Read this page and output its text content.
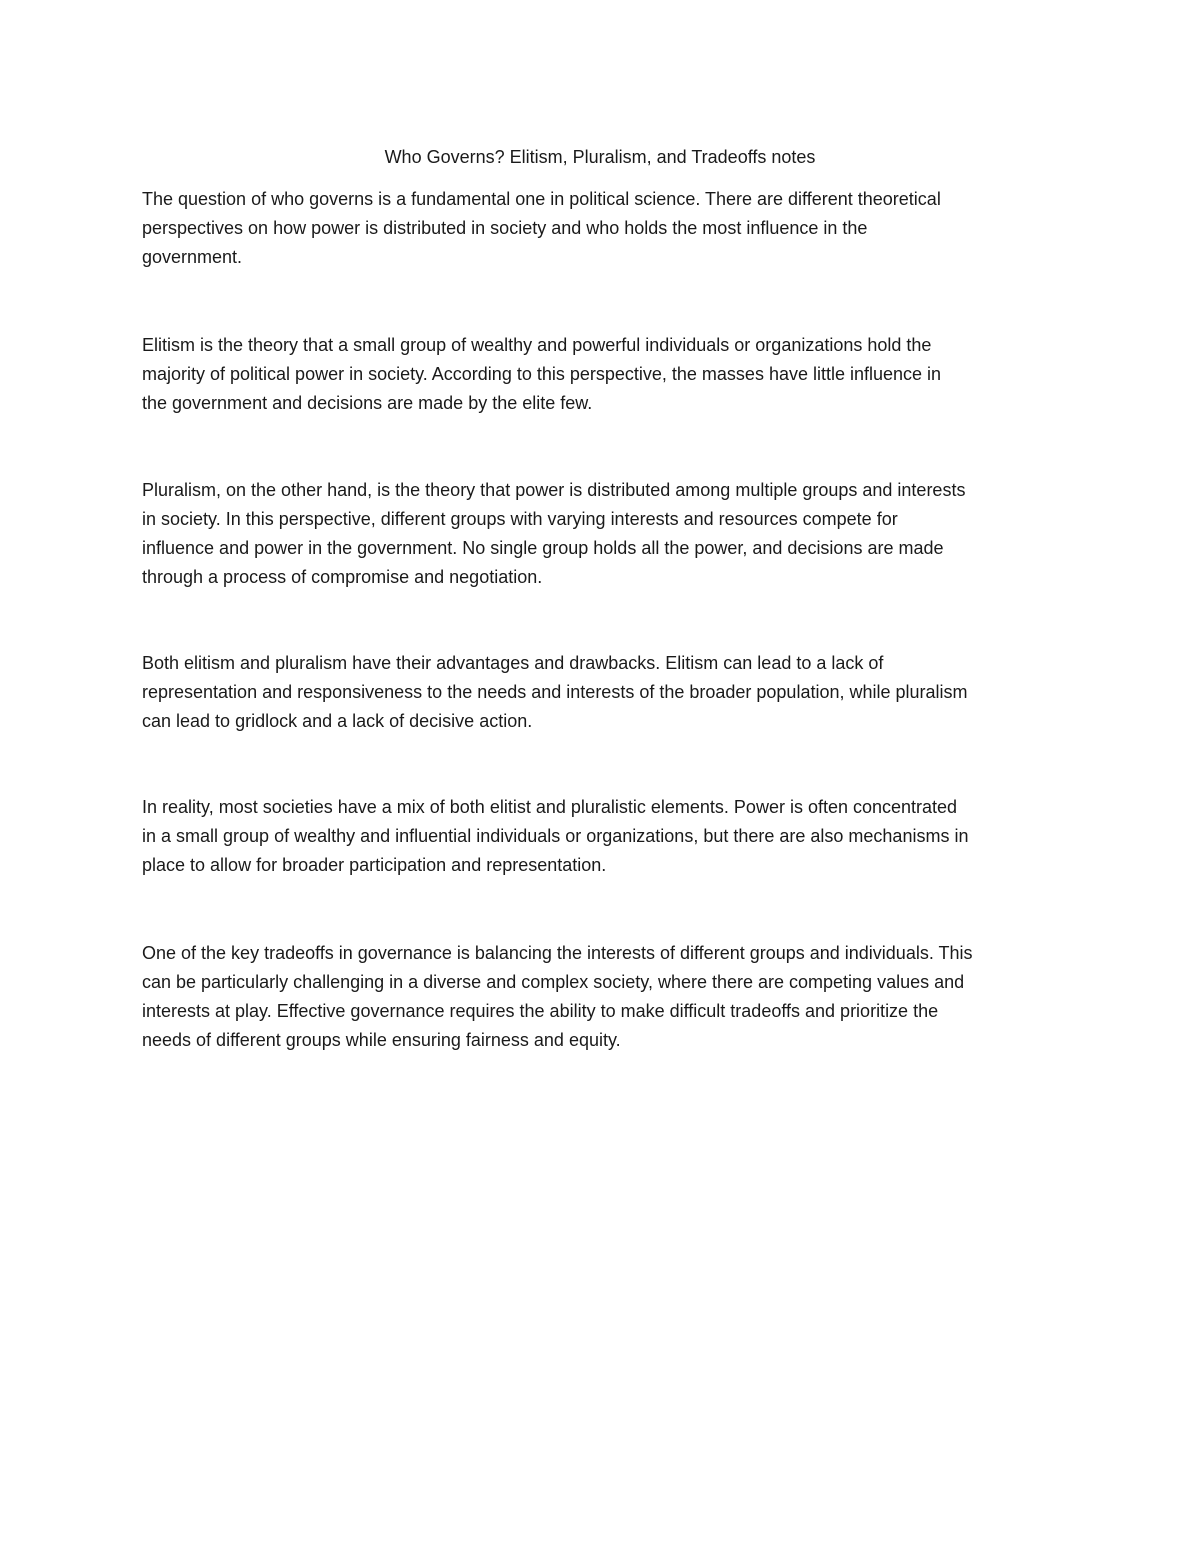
Who Governs? Elitism, Pluralism, and Tradeoffs notes

The question of who governs is a fundamental one in political science. There are different theoretical
perspectives on how power is distributed in society and who holds the most influence in the
government.

Elitism is the theory that a small group of wealthy and powerful individuals or organizations hold the
majority of political power in society. According to this perspective, the masses have little influence in
the government and decisions are made by the elite few.

Pluralism, on the other hand, is the theory that power is distributed among multiple groups and interests
in society. In this perspective, different groups with varying interests and resources compete for
influence and power in the government. No single group holds all the power, and decisions are made
through a process of compromise and negotiation.

Both elitism and pluralism have their advantages and drawbacks. Elitism can lead to a lack of
representation and responsiveness to the needs and interests of the broader population, while pluralism
can lead to gridlock and a lack of decisive action.

In reality, most societies have a mix of both elitist and pluralistic elements. Power is often concentrated
in a small group of wealthy and influential individuals or organizations, but there are also mechanisms in
place to allow for broader participation and representation.

One of the key tradeoffs in governance is balancing the interests of different groups and individuals. This
can be particularly challenging in a diverse and complex society, where there are competing values and
interests at play. Effective governance requires the ability to make difficult tradeoffs and prioritize the
needs of different groups while ensuring fairness and equity.
